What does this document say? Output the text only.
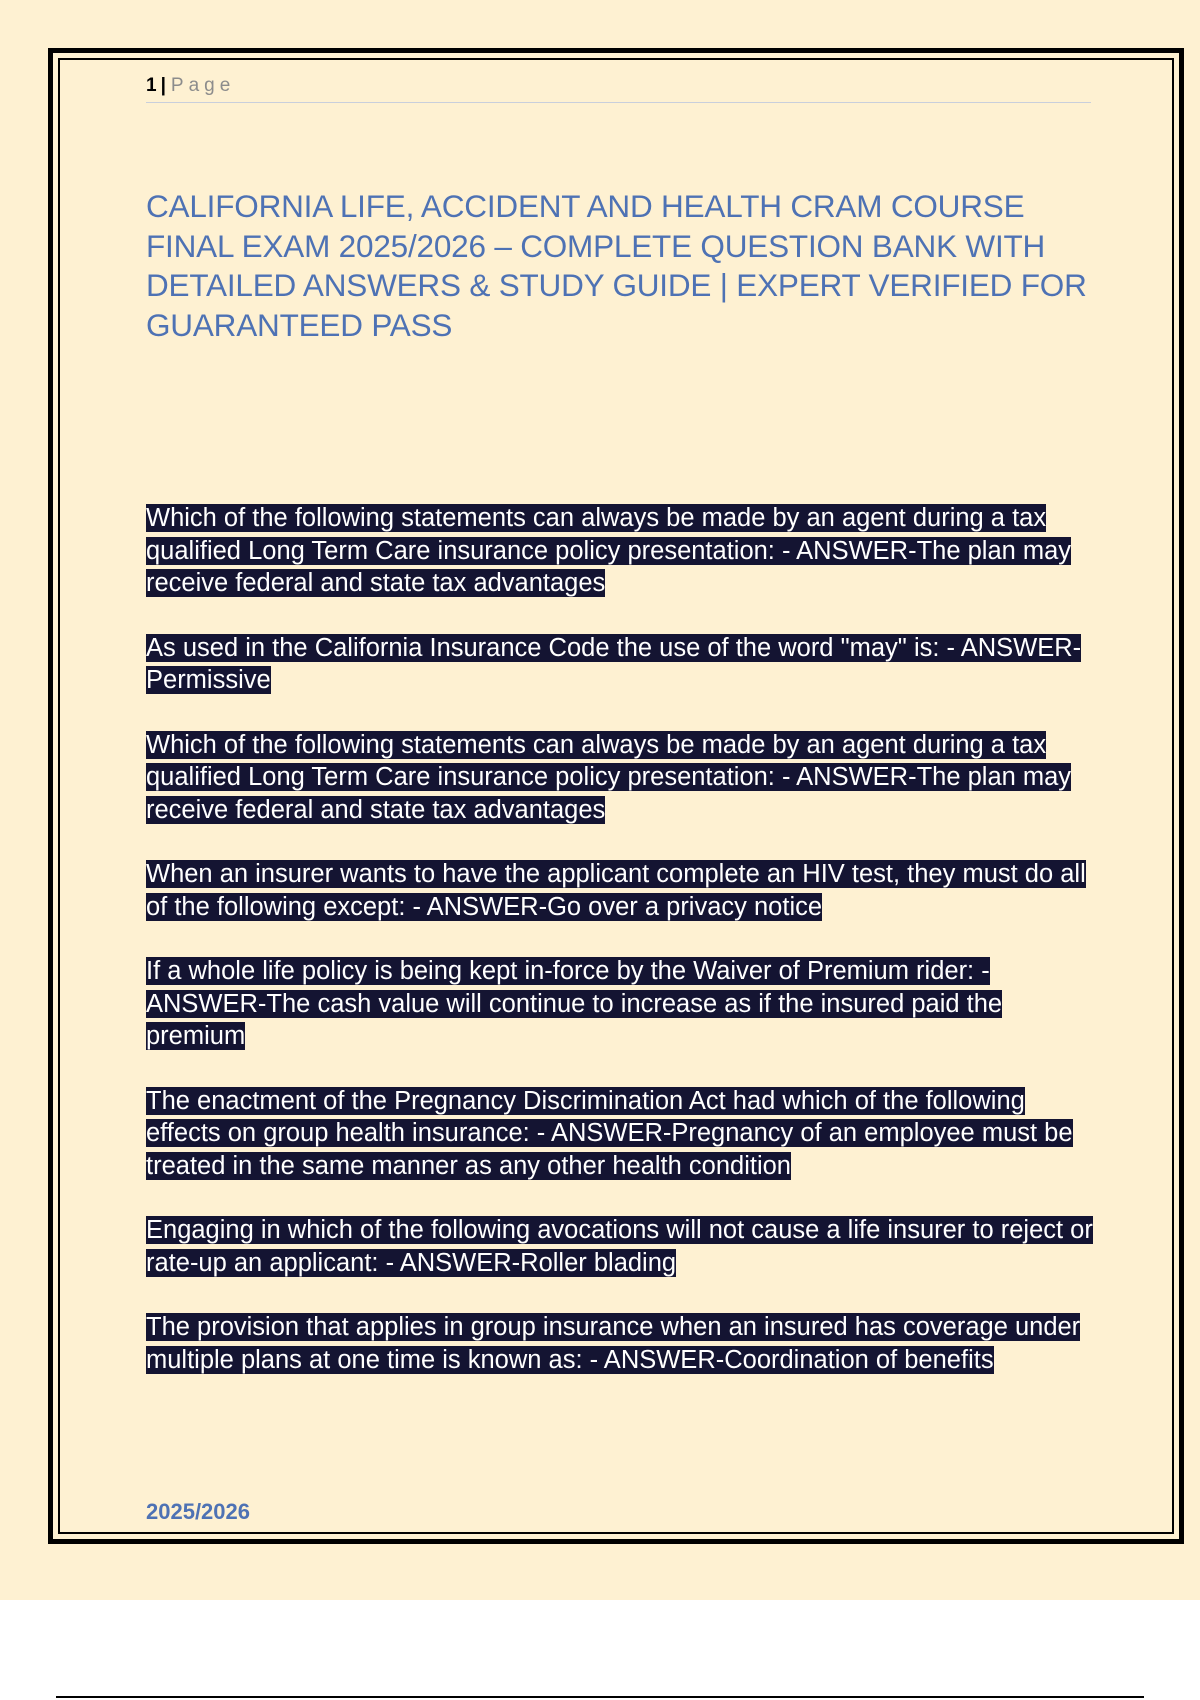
1 | Page
CALIFORNIA LIFE, ACCIDENT AND HEALTH CRAM COURSE FINAL EXAM 2025/2026 – COMPLETE QUESTION BANK WITH DETAILED ANSWERS & STUDY GUIDE | EXPERT VERIFIED FOR GUARANTEED PASS

Which of the following statements can always be made by an agent during a tax qualified Long Term Care insurance policy presentation: - ANSWER-The plan may receive federal and state tax advantages

As used in the California Insurance Code the use of the word "may" is: - ANSWER-Permissive

Which of the following statements can always be made by an agent during a tax qualified Long Term Care insurance policy presentation: - ANSWER-The plan may receive federal and state tax advantages

When an insurer wants to have the applicant complete an HIV test, they must do all of the following except: - ANSWER-Go over a privacy notice

If a whole life policy is being kept in-force by the Waiver of Premium rider: - ANSWER-The cash value will continue to increase as if the insured paid the premium

The enactment of the Pregnancy Discrimination Act had which of the following effects on group health insurance: - ANSWER-Pregnancy of an employee must be treated in the same manner as any other health condition

Engaging in which of the following avocations will not cause a life insurer to reject or rate-up an applicant: - ANSWER-Roller blading

The provision that applies in group insurance when an insured has coverage under multiple plans at one time is known as: - ANSWER-Coordination of benefits

2025/2026
